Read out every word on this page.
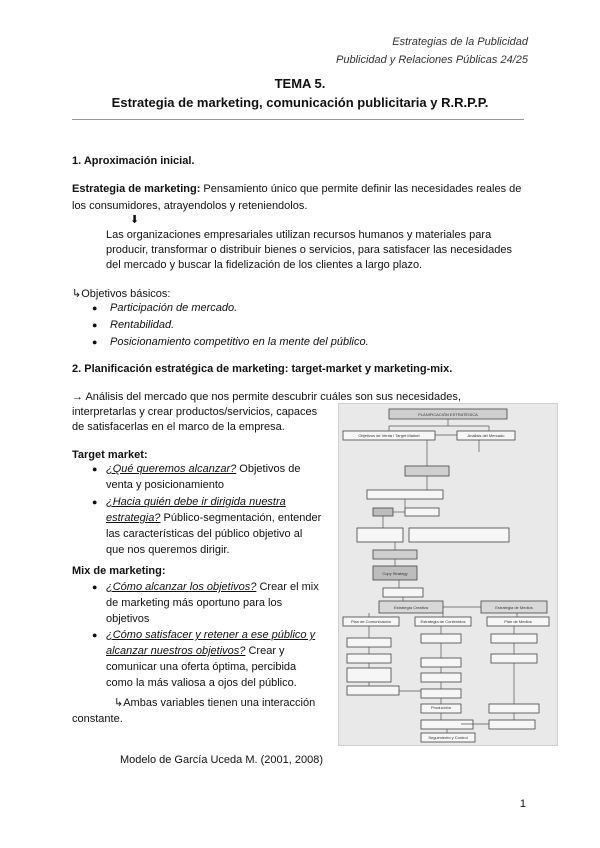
Estrategias de la Publicidad
Publicidad y Relaciones Públicas 24/25
TEMA 5.
Estrategia de marketing, comunicación publicitaria y R.R.P.P.
1. Aproximación inicial.
Estrategia de marketing: Pensamiento único que permite definir las necesidades reales de
los consumidores, atrayendolos y reteniendolos.
⬇
Las organizaciones empresariales utilizan recursos humanos y materiales para
producir, transformar o distribuir bienes o servicios, para satisfacer las necesidades
del mercado y buscar la fidelización de los clientes a largo plazo.
↳Objetivos básicos:
● Participación de mercado.
● Rentabilidad.
● Posicionamiento competitivo en la mente del público.
2. Planificación estratégica de marketing: target-market y marketing-mix.
→ Análisis del mercado que nos permite descubrir cuáles son sus necesidades,
interpretarlas y crear productos/servicios, capaces
de satisfacerlas en el marco de la empresa.
Target market:
● ¿Qué queremos alcanzar? Objetivos de
venta y posicionamiento
● ¿Hacia quién debe ir dirigida nuestra
estrategia? Público-segmentación, entender
las características del público objetivo al
que nos queremos dirigir.
Mix de marketing:
● ¿Cómo alcanzar los objetivos? Crear el mix
de marketing más oportuno para los
objetivos
● ¿Cómo satisfacer y retener a ese público y
alcanzar nuestros objetivos? Crear y
comunicar una oferta óptima, percibida
como la más valiosa a ojos del público.
↳Ambas variables tienen una interacción
constante.
Modelo de García Uceda M. (2001, 2008)
PLANIFICACIÓN ESTRATÉGICA
Objetivos de Venta / Target Market	Análisis del Mercado
Estrategia Creativa	Estrategia de Medios
Plan de Medios
Plan de Comunicación	Estrategia de Contenidos
Copy Strategy
Producción
Seguimiento y Control
1
